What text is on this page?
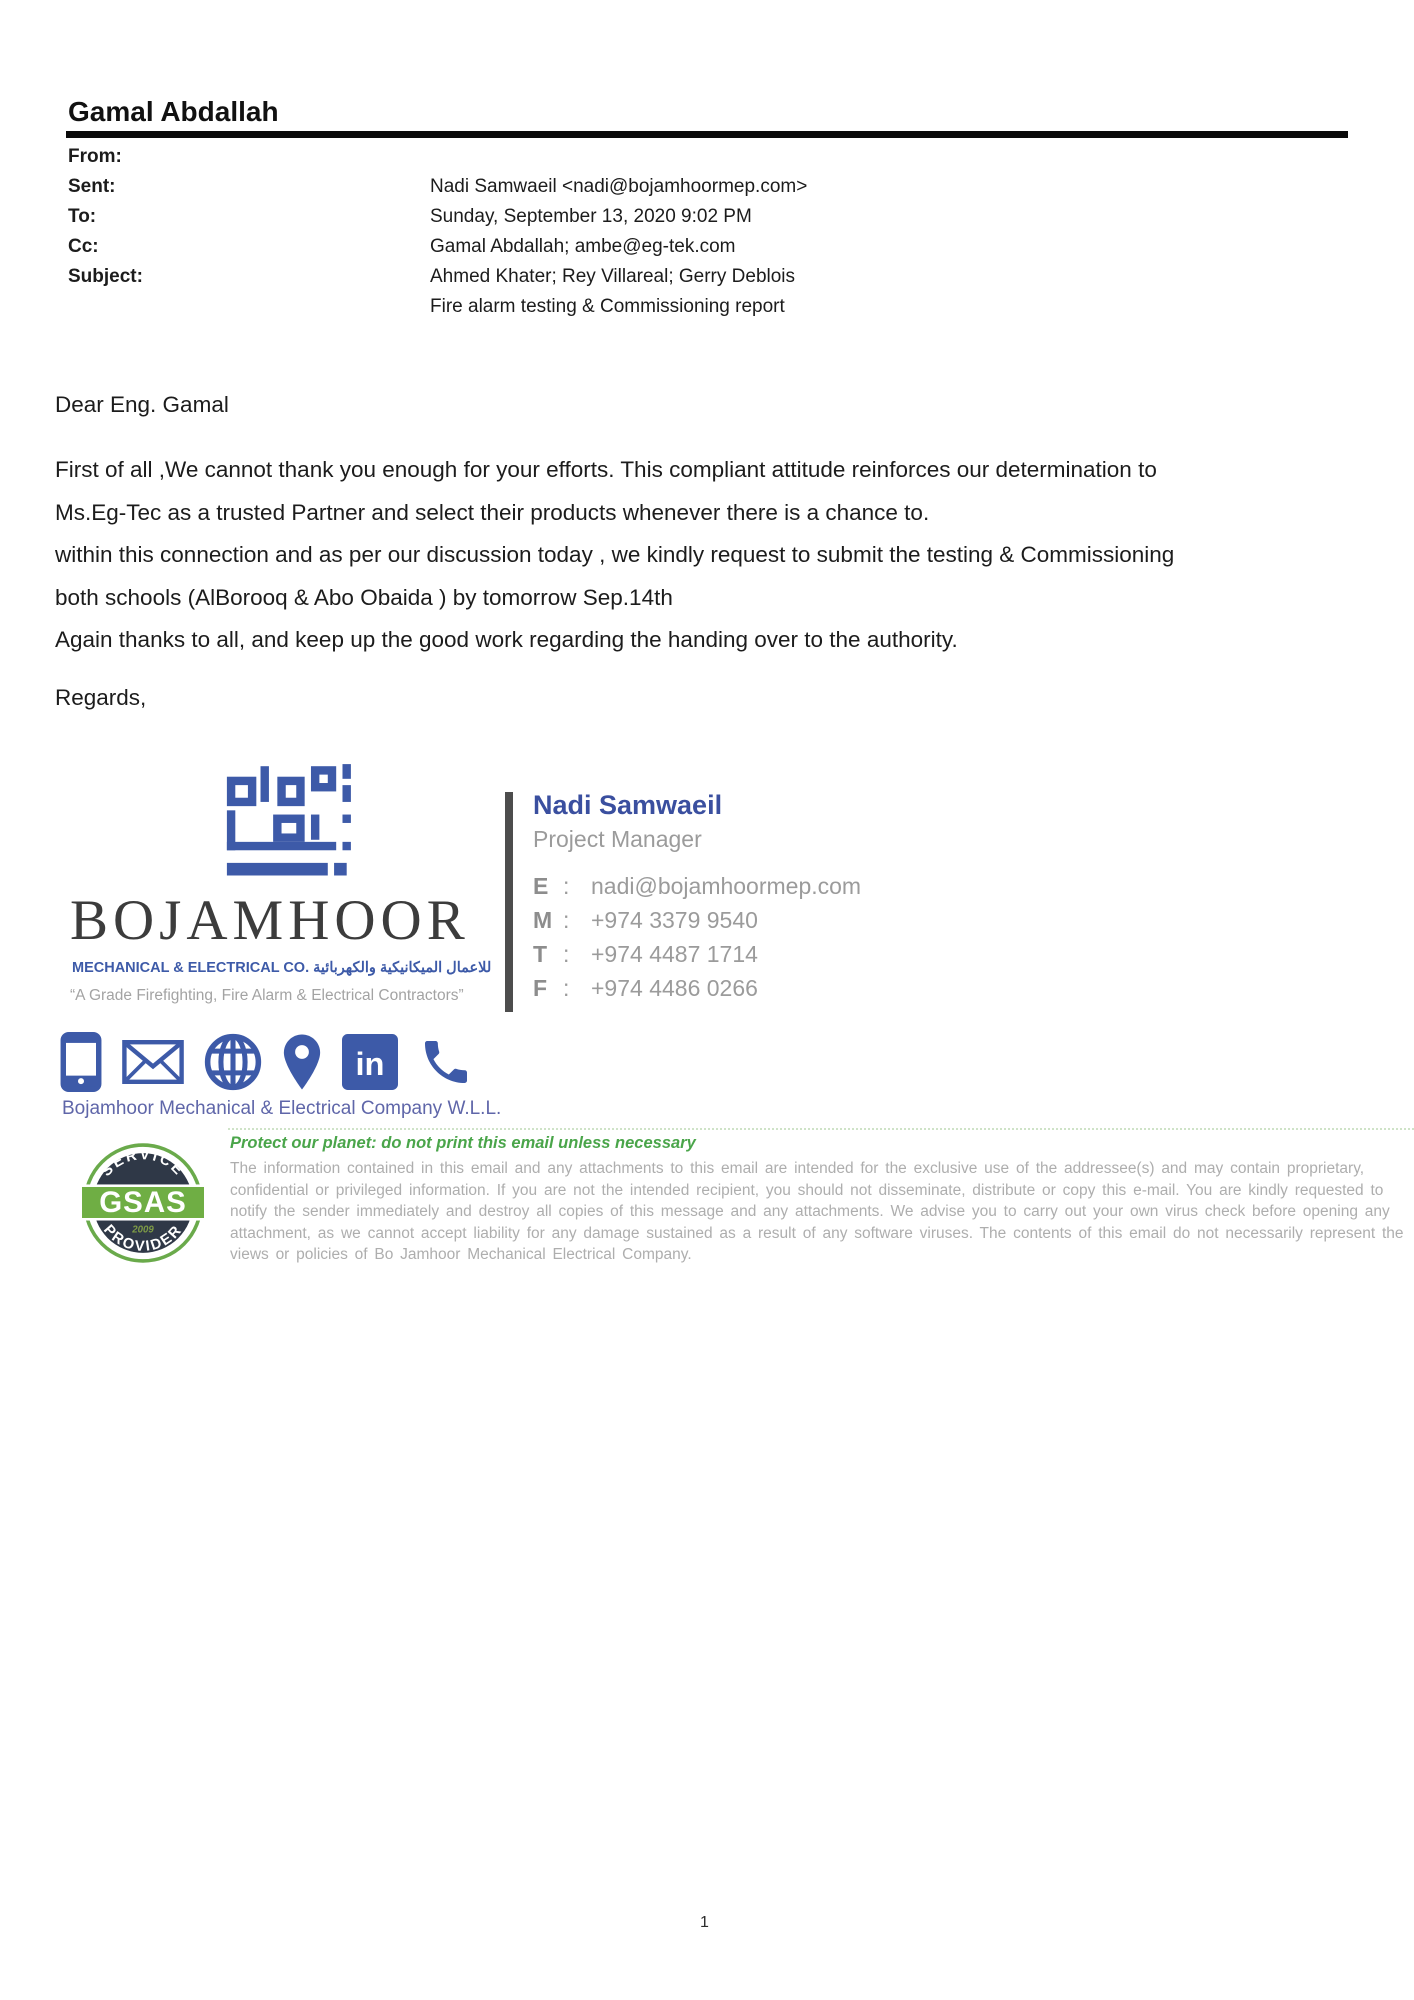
Gamal Abdallah
From:
Sent:	Nadi Samwaeil <nadi@bojamhoormep.com>
To:	Sunday, September 13, 2020 9:02 PM
Cc:	Gamal Abdallah; ambe@eg-tek.com
Subject:	Ahmed Khater; Rey Villareal; Gerry Deblois
Fire alarm testing & Commissioning report
Dear Eng. Gamal
First of all ,We cannot thank you enough for your efforts. This compliant attitude reinforces our determination to
Ms.Eg-Tec as a trusted Partner and select their products whenever there is a chance to.
within this connection and as per our discussion today , we kindly request to submit the testing & Commissioning
both schools (AlBorooq & Abo Obaida ) by tomorrow Sep.14th
Again thanks to all, and keep up the good work regarding the handing over to the authority.
Regards,
BOJAMHOOR
MECHANICAL & ELECTRICAL CO. للاعمال الميكانيكية والكهربائية
“A Grade Firefighting, Fire Alarm & Electrical Contractors”
Nadi Samwaeil
Project Manager
E : nadi@bojamhoormep.com
M : +974 3379 9540
T : +974 4487 1714
F : +974 4486 0266
in
Bojamhoor Mechanical & Electrical Company W.L.L.
SERVICE
PROVIDER
GSAS
2009
Protect our planet: do not print this email unless necessary
The information contained in this email and any attachments to this email are intended for the exclusive use of the addressee(s) and may contain proprietary,
confidential or privileged information. If you are not the intended recipient, you should not disseminate, distribute or copy this e-mail. You are kindly requested to
notify the sender immediately and destroy all copies of this message and any attachments. We advise you to carry out your own virus check before opening any
attachment, as we cannot accept liability for any damage sustained as a result of any software viruses. The contents of this email do not necessarily represent the
views or policies of Bo Jamhoor Mechanical Electrical Company.
1
